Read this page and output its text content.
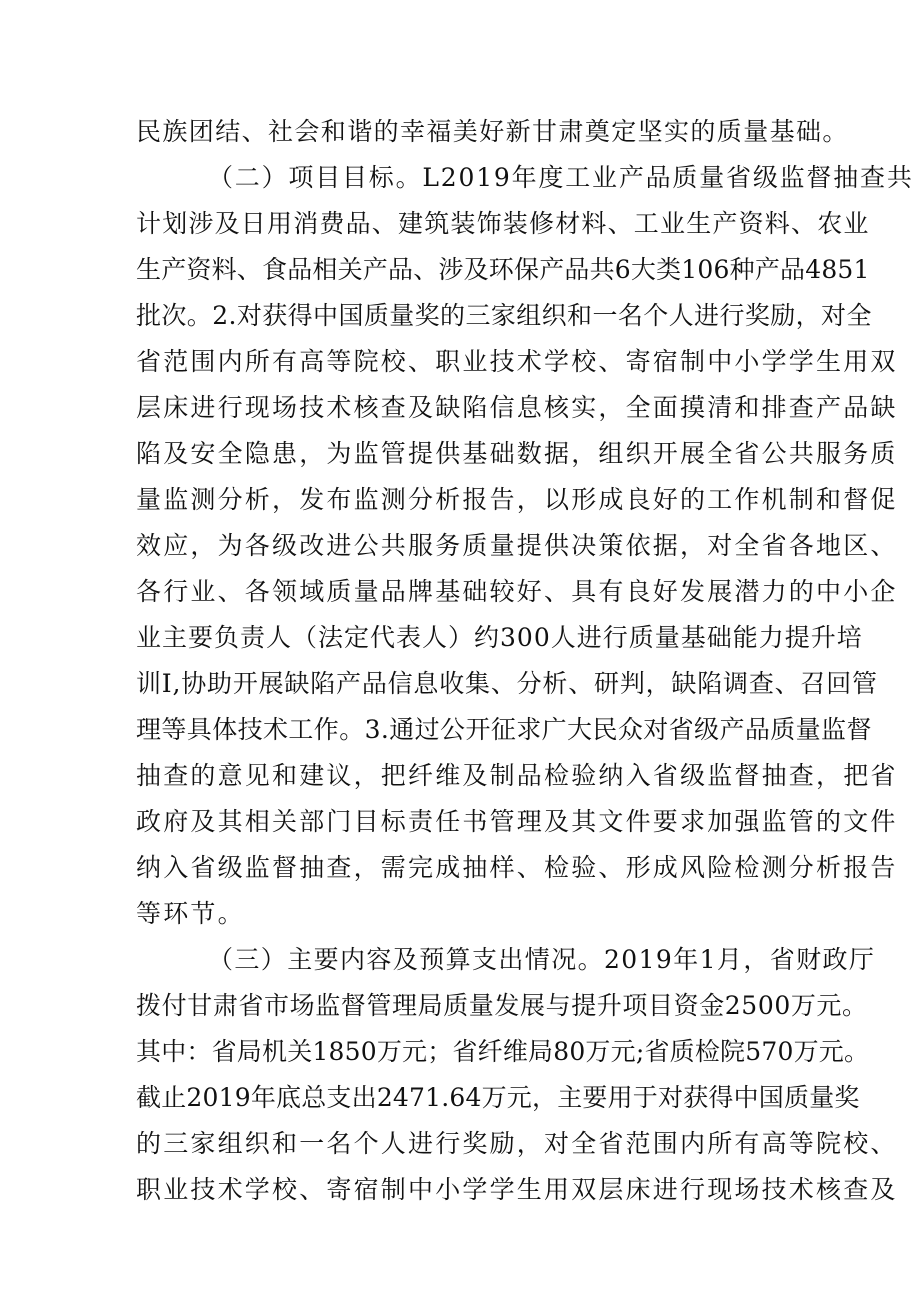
民族团结、社会和谐的幸福美好新甘肃奠定坚实的质量基础。

（二）项目目标。L2019年度工业产品质量省级监督抽查共

计划涉及日用消费品、建筑装饰装修材料、工业生产资料、农业

生产资料、食品相关产品、涉及环保产品共6大类106种产品4851

批次。2.对获得中国质量奖的三家组织和一名个人进行奖励，对全

省范围内所有高等院校、职业技术学校、寄宿制中小学学生用双

层床进行现场技术核查及缺陷信息核实，全面摸清和排查产品缺

陷及安全隐患，为监管提供基础数据，组织开展全省公共服务质

量监测分析，发布监测分析报告，以形成良好的工作机制和督促

效应，为各级改进公共服务质量提供决策依据，对全省各地区、

各行业、各领域质量品牌基础较好、具有良好发展潜力的中小企

业主要负责人（法定代表人）约300人进行质量基础能力提升培

训I,协助开展缺陷产品信息收集、分析、研判，缺陷调查、召回管

理等具体技术工作。3.通过公开征求广大民众对省级产品质量监督

抽查的意见和建议，把纤维及制品检验纳入省级监督抽查，把省

政府及其相关部门目标责任书管理及其文件要求加强监管的文件

纳入省级监督抽查，需完成抽样、检验、形成风险检测分析报告

等环节。

（三）主要内容及预算支出情况。2019年1月，省财政厅

拨付甘肃省市场监督管理局质量发展与提升项目资金2500万元。

其中：省局机关1850万元；省纤维局80万元;省质检院570万元。

截止2019年底总支出2471.64万元，主要用于对获得中国质量奖

的三家组织和一名个人进行奖励，对全省范围内所有高等院校、

职业技术学校、寄宿制中小学学生用双层床进行现场技术核查及
